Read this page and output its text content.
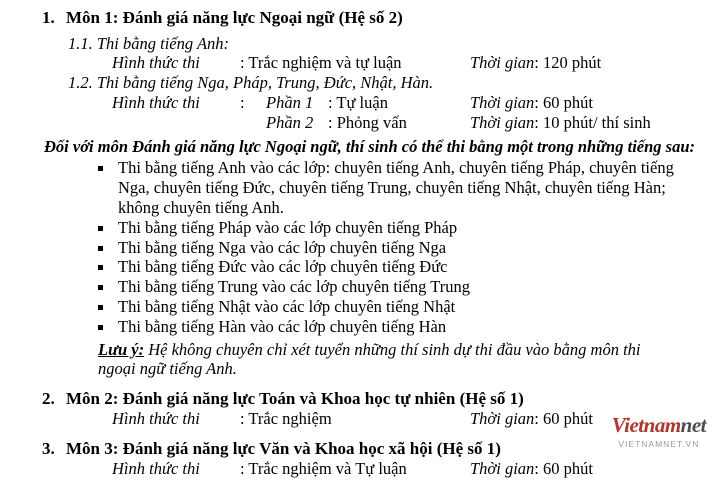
1. Môn 1: Đánh giá năng lực Ngoại ngữ (Hệ số 2)
1.1. Thi bằng tiếng Anh:
Hình thức thi	: Trắc nghiệm và tự luận	Thời gian : 120 phút
1.2. Thi bằng tiếng Nga, Pháp, Trung, Đức, Nhật, Hàn.
Hình thức thi	:	Phần 1 : Tự luận	Thời gian : 60 phút
Phần 2 : Phỏng vấn	Thời gian : 10 phút/ thí sinh
Đối với môn Đánh giá năng lực Ngoại ngữ, thí sinh có thể thi bằng một trong những tiếng sau:
Thi bằng tiếng Anh vào các lớp: chuyên tiếng Anh, chuyên tiếng Pháp, chuyên tiếng Nga, chuyên tiếng Đức, chuyên tiếng Trung, chuyên tiếng Nhật, chuyên tiếng Hàn; không chuyên tiếng Anh.
Thi bằng tiếng Pháp vào các lớp chuyên tiếng Pháp
Thi bằng tiếng Nga vào các lớp chuyên tiếng Nga
Thi bằng tiếng Đức vào các lớp chuyên tiếng Đức
Thi bằng tiếng Trung vào các lớp chuyên tiếng Trung
Thi bằng tiếng Nhật vào các lớp chuyên tiếng Nhật
Thi bằng tiếng Hàn vào các lớp chuyên tiếng Hàn
Lưu ý: Hệ không chuyên chỉ xét tuyển những thí sinh dự thi đầu vào bằng môn thi ngoại ngữ tiếng Anh.
2. Môn 2: Đánh giá năng lực Toán và Khoa học tự nhiên (Hệ số 1)
Hình thức thi	: Trắc nghiệm	Thời gian : 60 phút
3. Môn 3: Đánh giá năng lực Văn và Khoa học xã hội (Hệ số 1)
Hình thức thi	: Trắc nghiệm và Tự luận	Thời gian : 60 phút
Vietnamnet
VIETNAMNET.VN
